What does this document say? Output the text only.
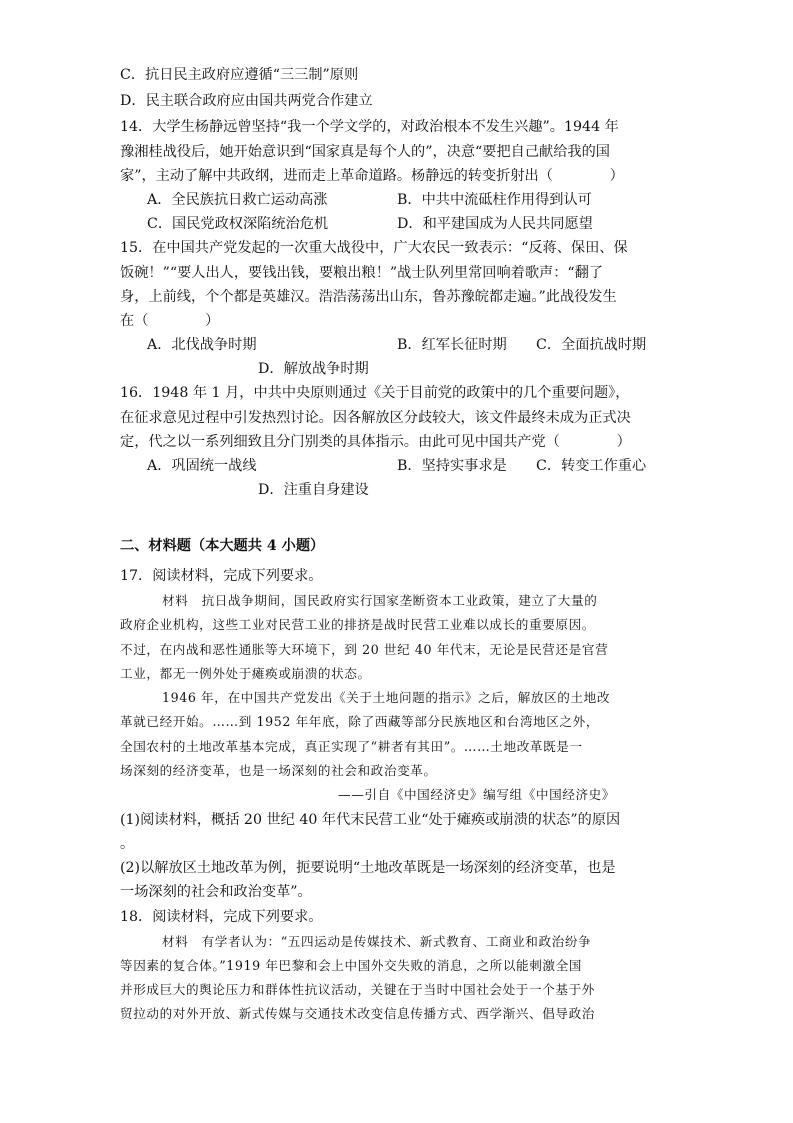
C．抗日民主政府应遵循“三三制”原则
D．民主联合政府应由国共两党合作建立
14．大学生杨静远曾坚持“我一个学文学的，对政治根本不发生兴趣”。1944 年
豫湘桂战役后，她开始意识到“国家真是每个人的”，决意“要把自己献给我的国
家”，主动了解中共政纲，进而走上革命道路。杨静远的转变折射出（　　　　）
A．全民族抗日救亡运动高涨	B．中共中流砥柱作用得到认可
C．国民党政权深陷统治危机	D．和平建国成为人民共同愿望
15．在中国共产党发起的一次重大战役中，广大农民一致表示：“反蒋、保田、保
饭碗！”“要人出人，要钱出钱，要粮出粮！”战士队列里常回响着歌声：“翻了
身，上前线，个个都是英雄汉。浩浩荡荡出山东，鲁苏豫皖都走遍。”此战役发生
在（　　　　）
A．北伐战争时期	B．红军长征时期 C．全面抗战时期
D．解放战争时期
16．1948 年 1 月，中共中央原则通过《关于目前党的政策中的几个重要问题》，
在征求意见过程中引发热烈讨论。因各解放区分歧较大，该文件最终未成为正式决
定，代之以一系列细致且分门别类的具体指示。由此可见中国共产党（　　　　）
A．巩固统一战线	B．坚持实事求是 C．转变工作重心
D．注重自身建设
二、材料题（本大题共 4 小题）
17．阅读材料，完成下列要求。
材料　抗日战争期间，国民政府实行国家垄断资本工业政策，建立了大量的
政府企业机构，这些工业对民营工业的排挤是战时民营工业难以成长的重要原因。
不过，在内战和恶性通胀等大环境下，到 20 世纪 40 年代末，无论是民营还是官营
工业，都无一例外处于瘫痪或崩溃的状态。
1946 年，在中国共产党发出《关于土地问题的指示》之后，解放区的土地改
革就已经开始。……到 1952 年年底，除了西藏等部分民族地区和台湾地区之外，
全国农村的土地改革基本完成，真正实现了“耕者有其田”。……土地改革既是一
场深刻的经济变革，也是一场深刻的社会和政治变革。
——引自《中国经济史》编写组《中国经济史》
(1)阅读材料，概括 20 世纪 40 年代末民营工业“处于瘫痪或崩溃的状态”的原因
。
(2)以解放区土地改革为例，扼要说明“土地改革既是一场深刻的经济变革，也是
一场深刻的社会和政治变革”。
18．阅读材料，完成下列要求。
材料　有学者认为：“五四运动是传媒技术、新式教育、工商业和政治纷争
等因素的复合体。”1919 年巴黎和会上中国外交失败的消息，之所以能刺激全国
并形成巨大的舆论压力和群体性抗议活动，关键在于当时中国社会处于一个基于外
贸拉动的对外开放、新式传媒与交通技术改变信息传播方式、西学渐兴、倡导政治
